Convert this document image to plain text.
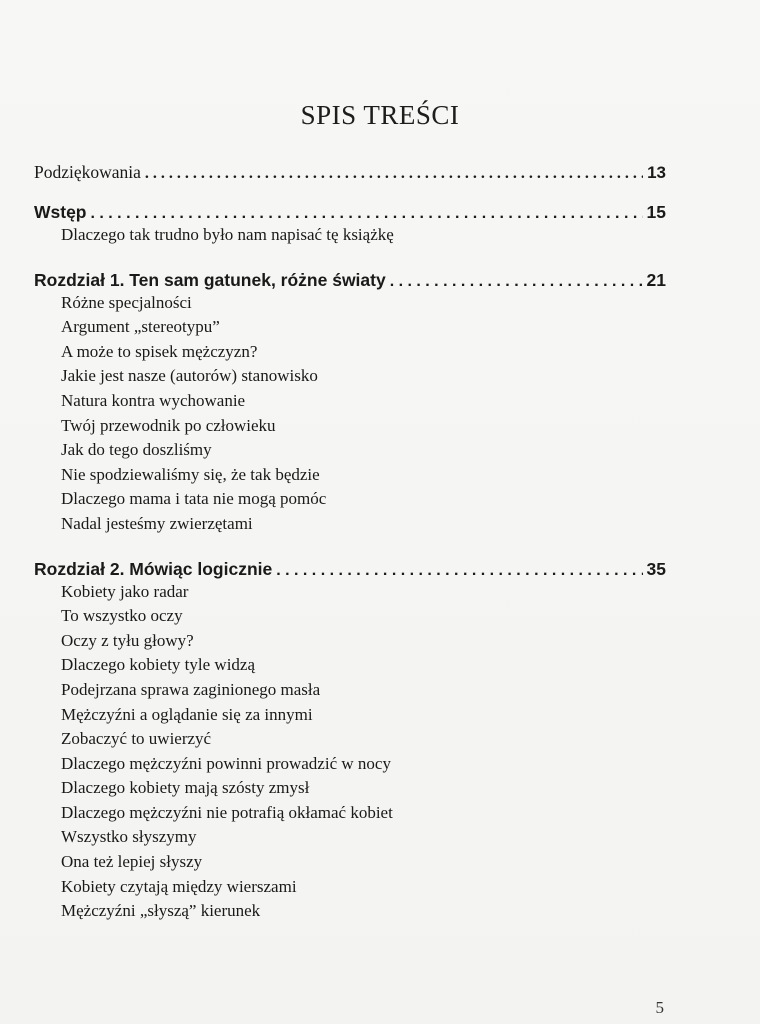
SPIS TREŚCI
Podziękowania . . .	13
Wstęp . . .	15
Dlaczego tak trudno było nam napisać tę książkę
Rozdział 1. Ten sam gatunek, różne światy . . .	21
Różne specjalności
Argument „stereotypu”
A może to spisek mężczyzn?
Jakie jest nasze (autorów) stanowisko
Natura kontra wychowanie
Twój przewodnik po człowieku
Jak do tego doszliśmy
Nie spodziewaliśmy się, że tak będzie
Dlaczego mama i tata nie mogą pomóc
Nadal jesteśmy zwierzętami
Rozdział 2. Mówiąc logicznie . . .	35
Kobiety jako radar
To wszystko oczy
Oczy z tyłu głowy?
Dlaczego kobiety tyle widzą
Podejrzana sprawa zaginionego masła
Mężczyźni a oglądanie się za innymi
Zobaczyć to uwierzyć
Dlaczego mężczyźni powinni prowadzić w nocy
Dlaczego kobiety mają szósty zmysł
Dlaczego mężczyźni nie potrafią okłamać kobiet
Wszystko słyszymy
Ona też lepiej słyszy
Kobiety czytają między wierszami
Mężczyźni „słyszą” kierunek
5
